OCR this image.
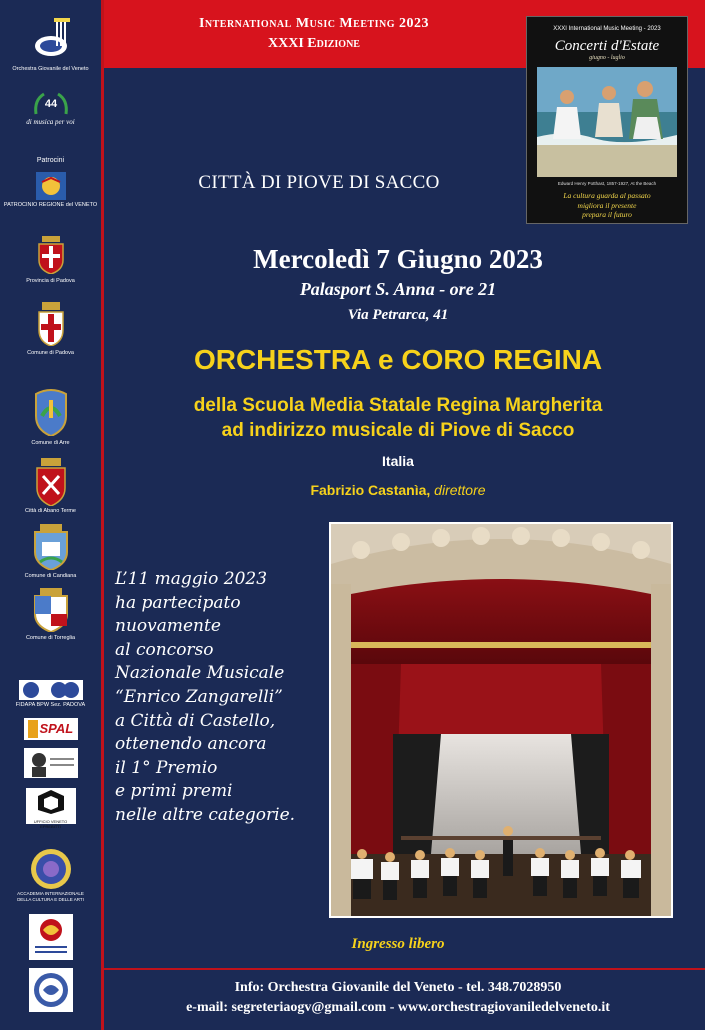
International Music Meeting 2023
XXXI Edizione
Orchestra Giovanile del Veneto
44
di musica per voi
Patrocini
PATROCINIO REGIONE del VENETO
Provincia di Padova
Comune di Padova
Comune di Arre
Città di Abano Terme
Comune di Candiana
Comune di Torreglia
FIDAPA BPW Sez. PADOVA
SPAL
UFFICIO VENETO EPREBITTI
ACCADEMIA INTERNAZIONALE DELLA CULTURA E DELLE ARTI
XXXI International Music Meeting - 2023
Concerti d'Estate
giugno - luglio
Edward Henry Potthast, 1857-1927, At the Beach
La cultura guarda al passato
migliora il presente
prepara il futuro
CITTÀ DI PIOVE DI SACCO
Mercoledì 7 Giugno 2023
Palasport S. Anna - ore 21
Via Petrarca, 41
ORCHESTRA e CORO REGINA
della Scuola Media Statale Regina Margherita
ad indirizzo musicale di Piove di Sacco
Italia
Fabrizio Castanìa, direttore
L’11 maggio 2023
ha partecipato
nuovamente
al concorso
Nazionale Musicale
“Enrico Zangarelli”
a Città di Castello,
ottenendo ancora
il 1° Premio
e primi premi
nelle altre categorie.
Ingresso libero
Info: Orchestra Giovanile del Veneto - tel. 348.7028950
e-mail: segreteriaogv@gmail.com - www.orchestragiovaniledelveneto.it
